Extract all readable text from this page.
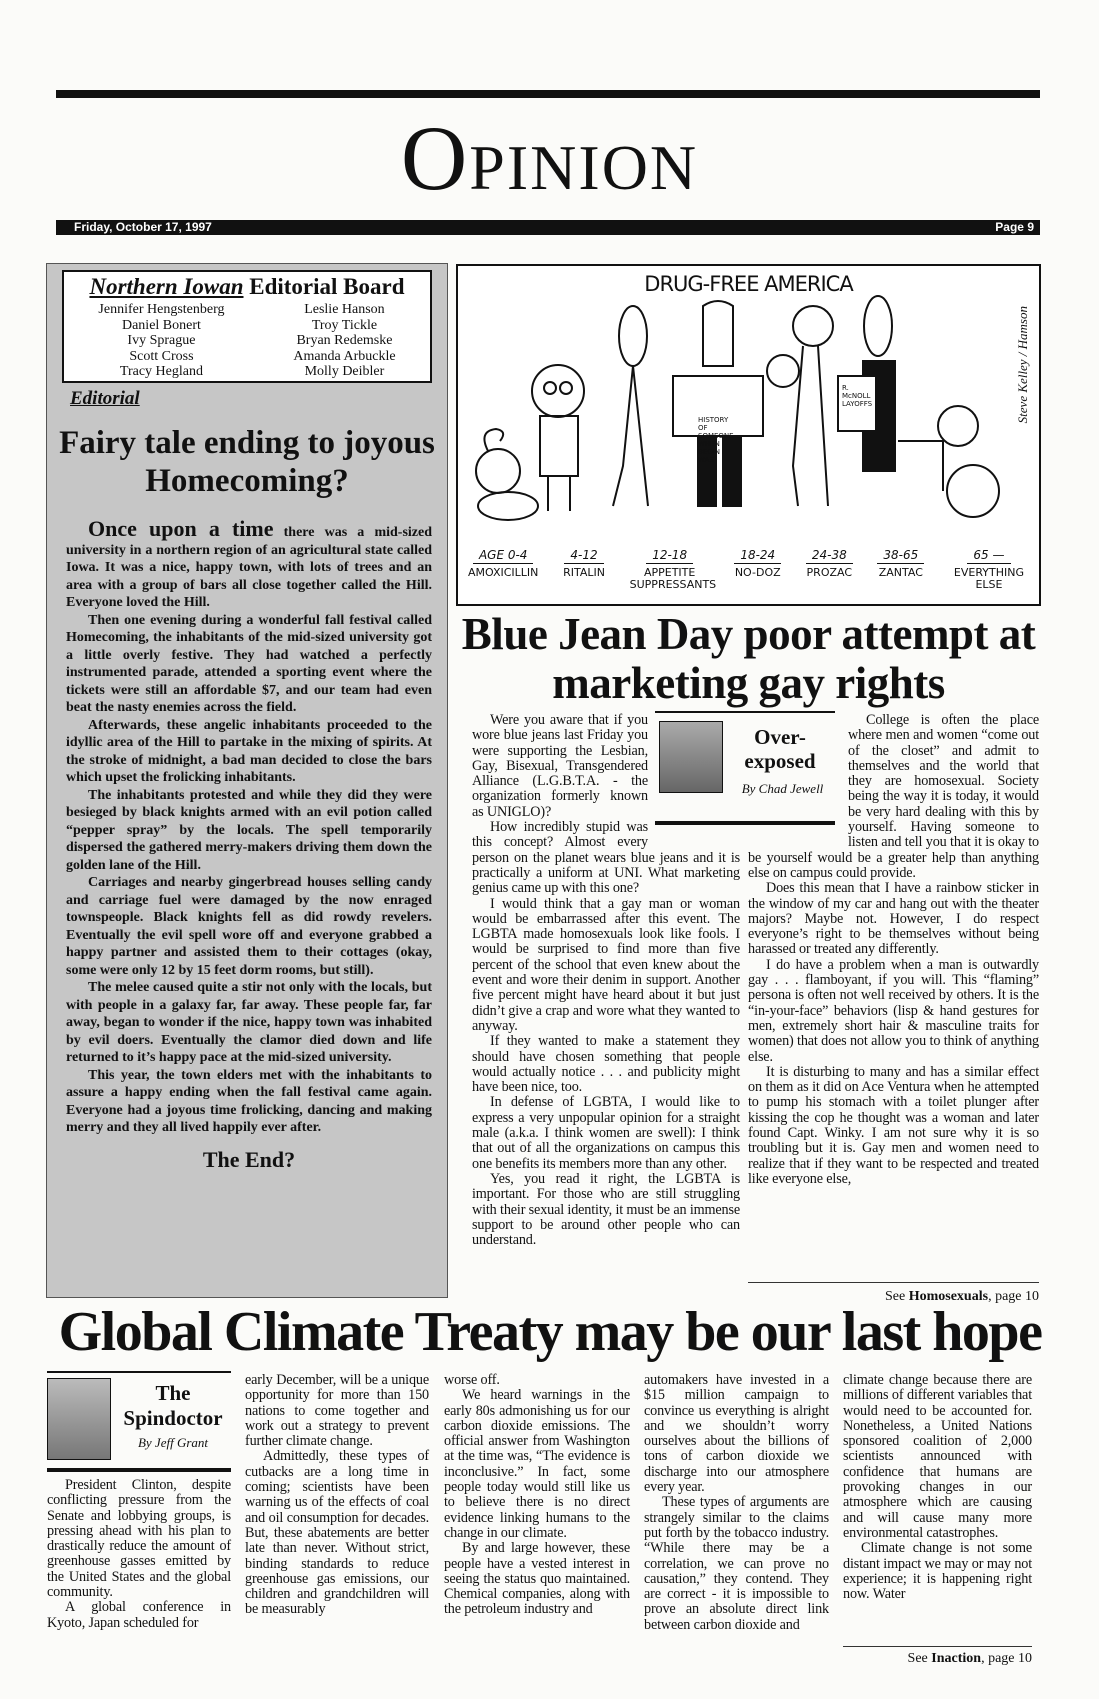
Opinion
Friday, October 17, 1997	Page 9
Northern Iowan Editorial Board
Jennifer Hengstenberg
Daniel Bonert
Ivy Sprague
Scott Cross
Tracy Hegland
Leslie Hanson
Troy Tickle
Bryan Redemske
Amanda Arbuckle
Molly Deibler
Editorial
Fairy tale ending to joyous Homecoming?

Once upon a time there was a mid-sized university in a northern region of an agricultural state called Iowa. It was a nice, happy town, with lots of trees and an area with a group of bars all close together called the Hill. Everyone loved the Hill.

Then one evening during a wonderful fall festival called Homecoming, the inhabitants of the mid-sized university got a little overly festive. They had watched a perfectly instrumented parade, attended a sporting event where the tickets were still an affordable $7, and our team had even beat the nasty enemies across the field.

Afterwards, these angelic inhabitants proceeded to the idyllic area of the Hill to partake in the mixing of spirits. At the stroke of midnight, a bad man decided to close the bars which upset the frolicking inhabitants.

The inhabitants protested and while they did they were besieged by black knights armed with an evil potion called “pepper spray” by the locals. The spell temporarily dispersed the gathered merry-makers driving them down the golden lane of the Hill.

Carriages and nearby gingerbread houses selling candy and carriage fuel were damaged by the now enraged townspeople. Black knights fell as did rowdy revelers. Eventually the evil spell wore off and everyone grabbed a happy partner and assisted them to their cottages (okay, some were only 12 by 15 feet dorm rooms, but still).

The melee caused quite a stir not only with the locals, but with people in a galaxy far, far away. These people far, far away, began to wonder if the nice, happy town was inhabited by evil doers. Eventually the clamor died down and life returned to it’s happy pace at the mid-sized university.

This year, the town elders met with the inhabitants to assure a happy ending when the fall festival came again. Everyone had a joyous time frolicking, dancing and making merry and they all lived happily ever after.

The End?

DRUG-FREE AMERICA
Steve Kelley / Hamson
AGE 0-4
AMOXICILLIN
4-12
RITALIN
12-18
APPETITE SUPPRESSANTS
18-24
NO-DOZ
24-38
PROZAC
38-65
ZANTAC
65 —
EVERYTHING ELSE
HISTORY OF SOMEONE WHEN BEGIN I WAS
R. McNOLL LAYOFFS
Blue Jean Day poor attempt at marketing gay rights

Were you aware that if you wore blue jeans last Friday you were supporting the Lesbian, Gay, Bisexual, Transgendered Alliance (L.G.B.T.A. - the organization formerly known as UNIGLO)?

How incredibly stupid was this concept? Almost every person on the planet wears blue jeans and it is practically a uniform at UNI. What marketing genius came up with this one?

I would think that a gay man or woman would be embarrassed after this event. The LGBTA made homosexuals look like fools. I would be surprised to find more than five percent of the school that even knew about the event and wore their denim in support. Another five percent might have heard about it but just didn’t give a crap and wore what they wanted to anyway.

If they wanted to make a statement they should have chosen something that people would actually notice . . . and publicity might have been nice, too.

In defense of LGBTA, I would like to express a very unpopular opinion for a straight male (a.k.a. I think women are swell): I think that out of all the organizations on campus this one benefits its members more than any other.

Yes, you read it right, the LGBTA is important. For those who are still struggling with their sexual identity, it must be an immense support to be around other people who can understand.

College is often the place where men and women “come out of the closet” and admit to themselves and the world that they are homosexual. Society being the way it is today, it would be very hard dealing with this by yourself. Having someone to listen and tell you that it is okay to be yourself would be a greater help than anything else on campus could provide.

Does this mean that I have a rainbow sticker in the window of my car and hang out with the theater majors? Maybe not. However, I do respect everyone’s right to be themselves without being harassed or treated any differently.

I do have a problem when a man is outwardly gay . . . flamboyant, if you will. This “flaming” persona is often not well received by others. It is the “in-your-face” behaviors (lisp & hand gestures for men, extremely short hair & masculine traits for women) that does not allow you to think of anything else.

It is disturbing to many and has a similar effect on them as it did on Ace Ventura when he attempted to pump his stomach with a toilet plunger after kissing the cop he thought was a woman and later found Capt. Winky. I am not sure why it is so troubling but it is. Gay men and women need to realize that if they want to be respected and treated like everyone else,

Over-exposed
By Chad Jewell
See Homosexuals, page 10
Global Climate Treaty may be our last hope
The
Spindoctor
By Jeff Grant

President Clinton, despite conflicting pressure from the Senate and lobbying groups, is pressing ahead with his plan to drastically reduce the amount of greenhouse gasses emitted by the United States and the global community.

A global conference in Kyoto, Japan scheduled for

early December, will be a unique opportunity for more than 150 nations to come together and work out a strategy to prevent further climate change.

Admittedly, these types of cutbacks are a long time in coming; scientists have been warning us of the effects of coal and oil consumption for decades. But, these abatements are better late than never. Without strict, binding standards to reduce greenhouse gas emissions, our children and grandchildren will be measurably

worse off.

We heard warnings in the early 80s admonishing us for our carbon dioxide emissions. The official answer from Washington at the time was, “The evidence is inconclusive.” In fact, some people today would still like us to believe there is no direct evidence linking humans to the change in our climate.

By and large however, these people have a vested interest in seeing the status quo maintained. Chemical companies, along with the petroleum industry and

automakers have invested in a $15 million campaign to convince us everything is alright and we shouldn’t worry ourselves about the billions of tons of carbon dioxide we discharge into our atmosphere every year.

These types of arguments are strangely similar to the claims put forth by the tobacco industry. “While there may be a correlation, we can prove no causation,” they contend. They are correct - it is impossible to prove an absolute direct link between carbon dioxide and

climate change because there are millions of different variables that would need to be accounted for. Nonetheless, a United Nations sponsored coalition of 2,000 scientists announced with confidence that humans are provoking changes in our atmosphere which are causing and will cause many more environmental catastrophes.

Climate change is not some distant impact we may or may not experience; it is happening right now. Water

See Inaction, page 10
